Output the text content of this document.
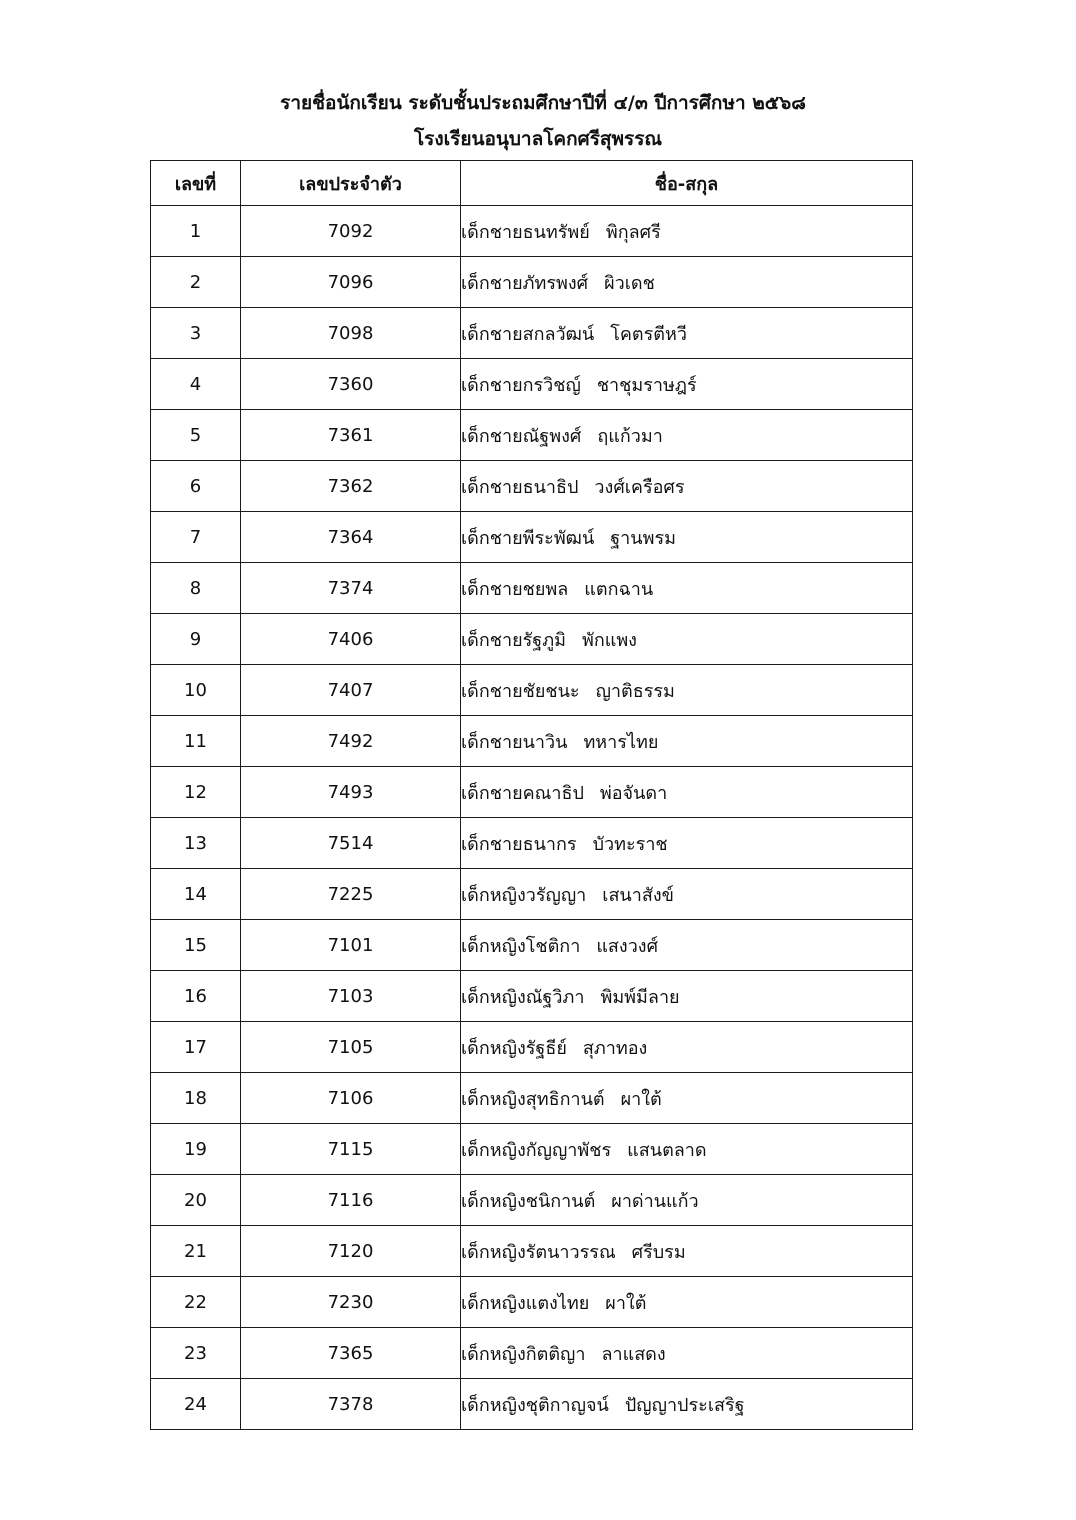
รายชื่อนักเรียน ระดับชั้นประถมศึกษาปีที่ ๔/๓ ปีการศึกษา ๒๕๖๘
โรงเรียนอนุบาลโคกศรีสุพรรณ
เลขที่	เลขประจำตัว	ชื่อ-สกุล
1	7092	เด็กชายธนทรัพย์ พิกุลศรี
2	7096	เด็กชายภัทรพงศ์ ผิวเดช
3	7098	เด็กชายสกลวัฒน์ โคตรตีหวี
4	7360	เด็กชายกรวิชญ์ ชาชุมราษฎร์
5	7361	เด็กชายณัฐพงศ์ ฤแก้วมา
6	7362	เด็กชายธนาธิป วงศ์เครือศร
7	7364	เด็กชายพีระพัฒน์ ฐานพรม
8	7374	เด็กชายชยพล แตกฉาน
9	7406	เด็กชายรัฐภูมิ พักแพง
10	7407	เด็กชายชัยชนะ ญาติธรรม
11	7492	เด็กชายนาวิน ทหารไทย
12	7493	เด็กชายคณาธิป พ่อจันดา
13	7514	เด็กชายธนากร บัวทะราช
14	7225	เด็กหญิงวรัญญา เสนาสังข์
15	7101	เด็กหญิงโชติกา แสงวงศ์
16	7103	เด็กหญิงณัฐวิภา พิมพ์มีลาย
17	7105	เด็กหญิงรัฐธีย์ สุภาทอง
18	7106	เด็กหญิงสุทธิกานต์ ผาใต้
19	7115	เด็กหญิงกัญญาพัชร แสนตลาด
20	7116	เด็กหญิงชนิกานต์ ผาด่านแก้ว
21	7120	เด็กหญิงรัตนาวรรณ ศรีบรม
22	7230	เด็กหญิงแตงไทย ผาใต้
23	7365	เด็กหญิงกิตติญา ลาแสดง
24	7378	เด็กหญิงชุติกาญจน์ ปัญญาประเสริฐ
